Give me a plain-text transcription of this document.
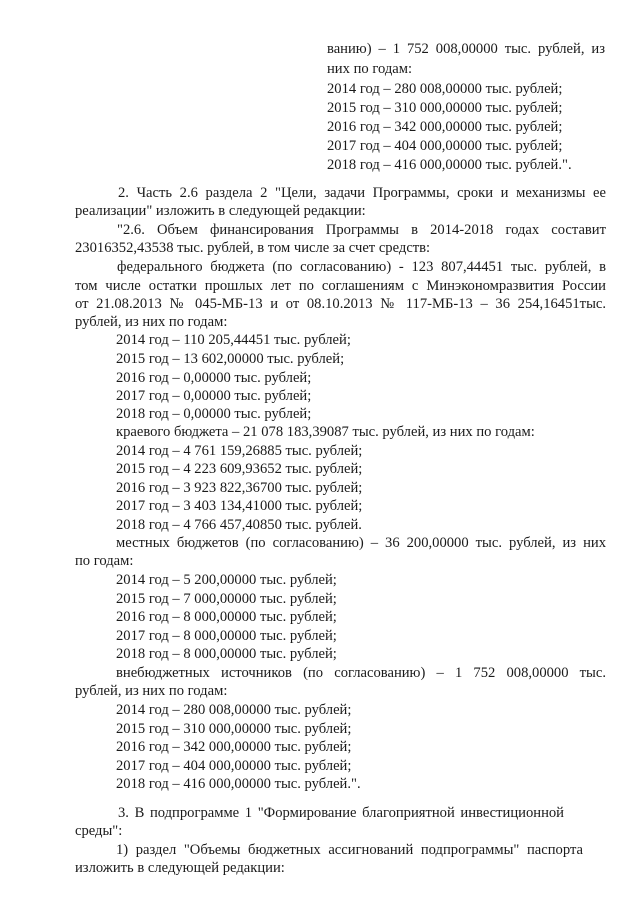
ванию) – 1 752 008,00000 тыс. рублей, из
них по годам:
2014 год – 280 008,00000 тыс. рублей;
2015 год – 310 000,00000 тыс. рублей;
2016 год – 342 000,00000 тыс. рублей;
2017 год – 404 000,00000 тыс. рублей;
2018 год – 416 000,00000 тыс. рублей.".
2. Часть 2.6 раздела 2 "Цели, задачи Программы, сроки и механизмы ее
реализации" изложить в следующей редакции:
"2.6. Объем финансирования Программы в 2014-2018 годах составит
23016352,43538 тыс. рублей, в том числе за счет средств:
федерального бюджета (по согласованию) - 123 807,44451 тыс. рублей, в
том числе остатки прошлых лет по соглашениям с Минэкономразвития России
от 21.08.2013 № 045-МБ-13 и от 08.10.2013 № 117-МБ-13 – 36 254,16451тыс.
рублей, из них по годам:
2014 год – 110 205,44451 тыс. рублей;
2015 год – 13 602,00000 тыс. рублей;
2016 год – 0,00000 тыс. рублей;
2017 год – 0,00000 тыс. рублей;
2018 год – 0,00000 тыс. рублей;
краевого бюджета – 21 078 183,39087 тыс. рублей, из них по годам:
2014 год – 4 761 159,26885 тыс. рублей;
2015 год – 4 223 609,93652 тыс. рублей;
2016 год – 3 923 822,36700 тыс. рублей;
2017 год – 3 403 134,41000 тыс. рублей;
2018 год – 4 766 457,40850 тыс. рублей.
местных бюджетов (по согласованию) – 36 200,00000 тыс. рублей, из них
по годам:
2014 год – 5 200,00000 тыс. рублей;
2015 год – 7 000,00000 тыс. рублей;
2016 год – 8 000,00000 тыс. рублей;
2017 год – 8 000,00000 тыс. рублей;
2018 год – 8 000,00000 тыс. рублей;
внебюджетных источников (по согласованию) – 1 752 008,00000 тыс.
рублей, из них по годам:
2014 год – 280 008,00000 тыс. рублей;
2015 год – 310 000,00000 тыс. рублей;
2016 год – 342 000,00000 тыс. рублей;
2017 год – 404 000,00000 тыс. рублей;
2018 год – 416 000,00000 тыс. рублей.".
3. В подпрограмме 1 "Формирование благоприятной инвестиционной
среды":
1) раздел "Объемы бюджетных ассигнований подпрограммы" паспорта
изложить в следующей редакции:
